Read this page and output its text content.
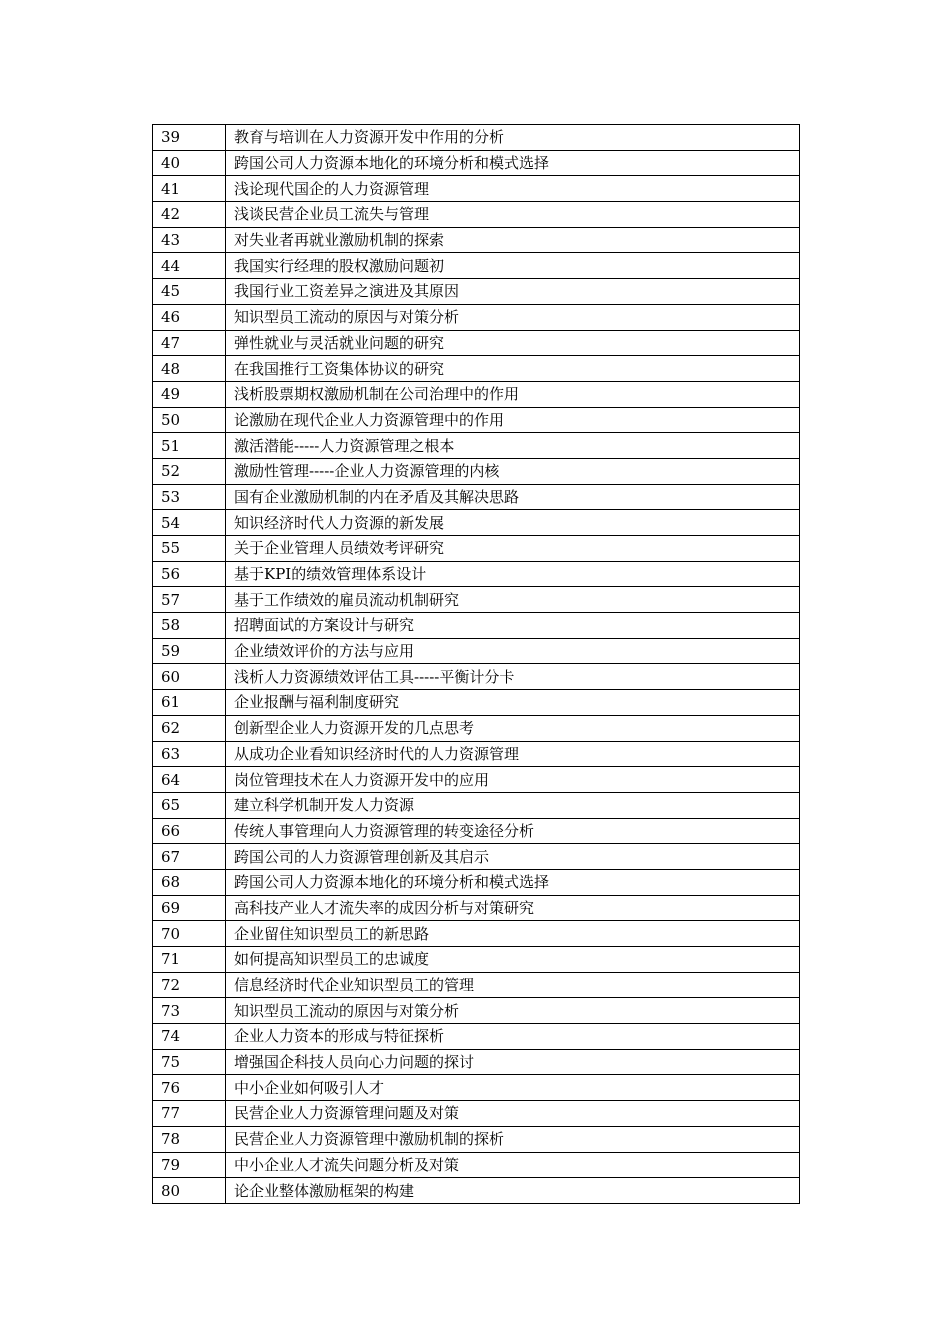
39	教育与培训在人力资源开发中作用的分析
40	跨国公司人力资源本地化的环境分析和模式选择
41	浅论现代国企的人力资源管理
42	浅谈民营企业员工流失与管理
43	对失业者再就业激励机制的探索
44	我国实行经理的股权激励问题初
45	我国行业工资差异之演进及其原因
46	知识型员工流动的原因与对策分析
47	弹性就业与灵活就业问题的研究
48	在我国推行工资集体协议的研究
49	浅析股票期权激励机制在公司治理中的作用
50	论激励在现代企业人力资源管理中的作用
51	激活潜能-----人力资源管理之根本
52	激励性管理-----企业人力资源管理的内核
53	国有企业激励机制的内在矛盾及其解决思路
54	知识经济时代人力资源的新发展
55	关于企业管理人员绩效考评研究
56	基于KPI的绩效管理体系设计
57	基于工作绩效的雇员流动机制研究
58	招聘面试的方案设计与研究
59	企业绩效评价的方法与应用
60	浅析人力资源绩效评估工具-----平衡计分卡
61	企业报酬与福利制度研究
62	创新型企业人力资源开发的几点思考
63	从成功企业看知识经济时代的人力资源管理
64	岗位管理技术在人力资源开发中的应用
65	建立科学机制开发人力资源
66	传统人事管理向人力资源管理的转变途径分析
67	跨国公司的人力资源管理创新及其启示
68	跨国公司人力资源本地化的环境分析和模式选择
69	高科技产业人才流失率的成因分析与对策研究
70	企业留住知识型员工的新思路
71	如何提高知识型员工的忠诚度
72	信息经济时代企业知识型员工的管理
73	知识型员工流动的原因与对策分析
74	企业人力资本的形成与特征探析
75	增强国企科技人员向心力问题的探讨
76	中小企业如何吸引人才
77	民营企业人力资源管理问题及对策
78	民营企业人力资源管理中激励机制的探析
79	中小企业人才流失问题分析及对策
80	论企业整体激励框架的构建
